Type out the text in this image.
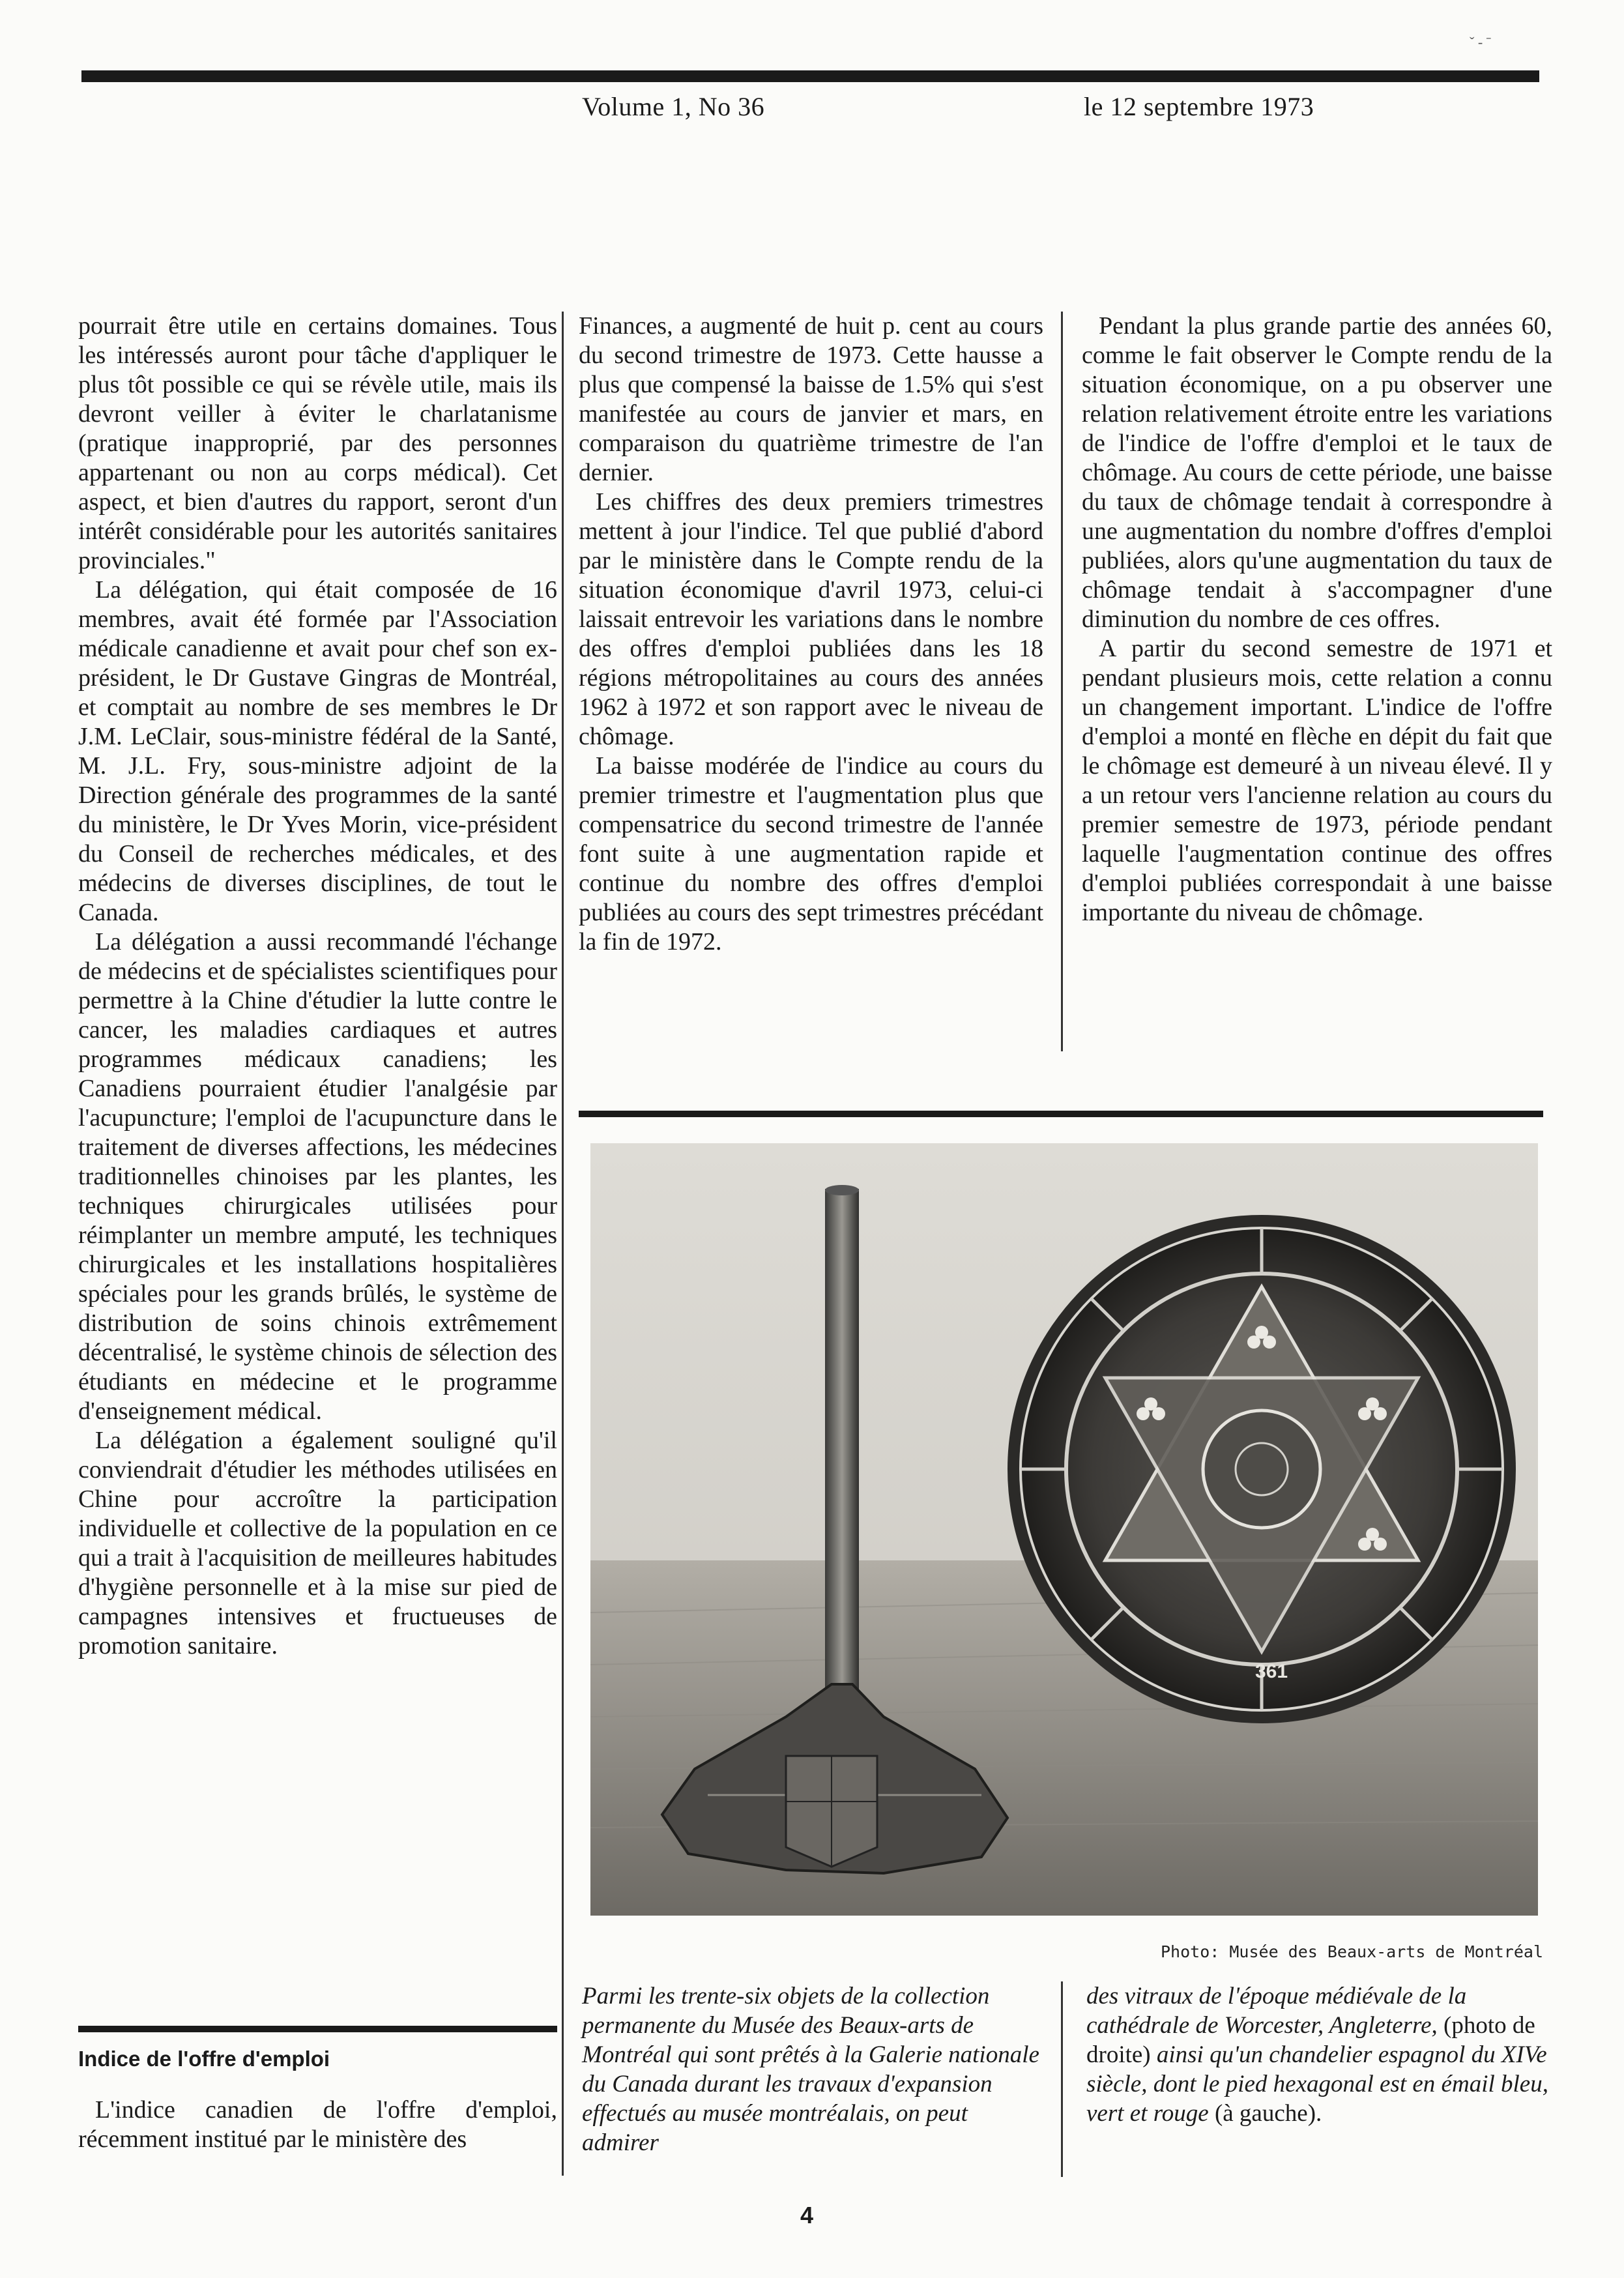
ˇ ‐ ˉ
Volume 1, No 36	le 12 septembre 1973

pourrait être utile en certains domaines. Tous les intéressés auront pour tâche d'appliquer le plus tôt possible ce qui se révèle utile, mais ils devront veiller à éviter le charlatanisme (pratique inapproprié, par des personnes appartenant ou non au corps médical). Cet aspect, et bien d'autres du rapport, seront d'un intérêt considérable pour les autorités sanitaires provinciales."

La délégation, qui était composée de 16 membres, avait été formée par l'Association médicale canadienne et avait pour chef son ex-président, le Dr Gustave Gingras de Montréal, et comptait au nombre de ses membres le Dr J.M. LeClair, sous-ministre fédéral de la Santé, M. J.L. Fry, sous-ministre adjoint de la Direction générale des programmes de la santé du ministère, le Dr Yves Morin, vice-président du Conseil de recherches médicales, et des médecins de diverses disciplines, de tout le Canada.

La délégation a aussi recommandé l'échange de médecins et de spécialistes scientifiques pour permettre à la Chine d'étudier la lutte contre le cancer, les maladies cardiaques et autres programmes médicaux canadiens; les Canadiens pourraient étudier l'analgésie par l'acupuncture; l'emploi de l'acupuncture dans le traitement de diverses affections, les médecines traditionnelles chinoises par les plantes, les techniques chirurgicales utilisées pour réimplanter un membre amputé, les techniques chirurgicales et les installations hospitalières spéciales pour les grands brûlés, le système de distribution de soins chinois extrêmement décentralisé, le système chinois de sélection des étudiants en médecine et le programme d'enseignement médical.

La délégation a également souligné qu'il conviendrait d'étudier les méthodes utilisées en Chine pour accroître la participation individuelle et collective de la population en ce qui a trait à l'acquisition de meilleures habitudes d'hygiène personnelle et à la mise sur pied de campagnes intensives et fructueuses de promotion sanitaire.

Indice de l'offre d'emploi

L'indice canadien de l'offre d'emploi, récemment institué par le ministère des

Finances, a augmenté de huit p. cent au cours du second trimestre de 1973. Cette hausse a plus que compensé la baisse de 1.5% qui s'est manifestée au cours de janvier et mars, en comparaison du quatrième trimestre de l'an dernier.

Les chiffres des deux premiers trimestres mettent à jour l'indice. Tel que publié d'abord par le ministère dans le Compte rendu de la situation économique d'avril 1973, celui-ci laissait entrevoir les variations dans le nombre des offres d'emploi publiées dans les 18 régions métropolitaines au cours des années 1962 à 1972 et son rapport avec le niveau de chômage.

La baisse modérée de l'indice au cours du premier trimestre et l'augmentation plus que compensatrice du second trimestre de l'année font suite à une augmentation rapide et continue du nombre des offres d'emploi publiées au cours des sept trimestres précédant la fin de 1972.

Pendant la plus grande partie des années 60, comme le fait observer le Compte rendu de la situation économique, on a pu observer une relation relativement étroite entre les variations de l'indice de l'offre d'emploi et le taux de chômage. Au cours de cette période, une baisse du taux de chômage tendait à correspondre à une augmentation du nombre d'offres d'emploi publiées, alors qu'une augmentation du taux de chômage tendait à s'accompagner d'une diminution du nombre de ces offres.

A partir du second semestre de 1971 et pendant plusieurs mois, cette relation a connu un changement important. L'indice de l'offre d'emploi a monté en flèche en dépit du fait que le chômage est demeuré à un niveau élevé. Il y a un retour vers l'ancienne relation au cours du premier semestre de 1973, période pendant laquelle l'augmentation continue des offres d'emploi publiées correspondait à une baisse importante du niveau de chômage.

361
Photo: Musée des Beaux-arts de Montréal
Parmi les trente-six objets de la collection permanente du Musée des Beaux-arts de Montréal qui sont prêtés à la Galerie nationale du Canada durant les travaux d'expansion effectués au musée montréalais, on peut admirer
des vitraux de l'époque médiévale de la cathédrale de Worcester, Angleterre, (photo de droite) ainsi qu'un chandelier espagnol du XIVe siècle, dont le pied hexagonal est en émail bleu, vert et rouge (à gauche).
4
